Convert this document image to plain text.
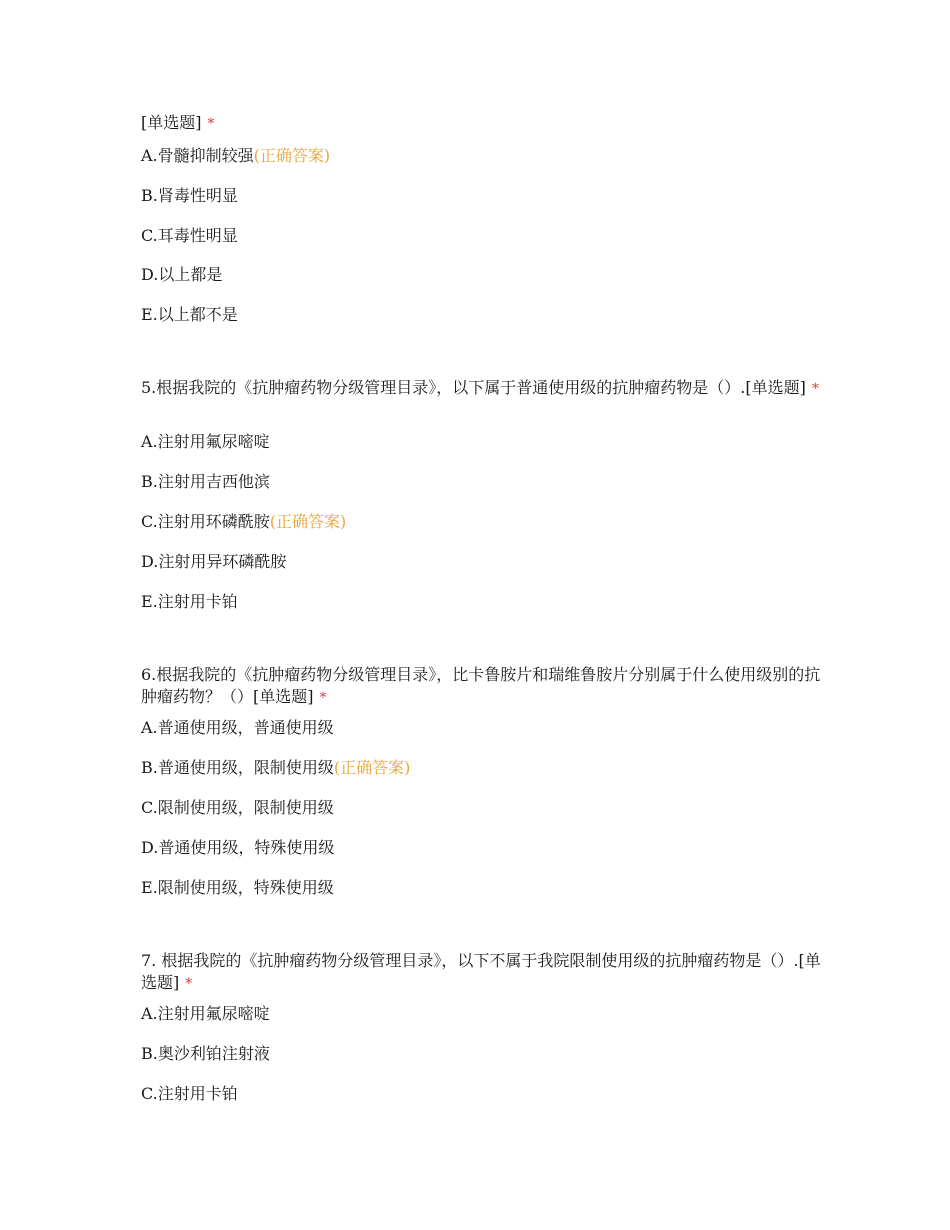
[单选题] *
A.骨髓抑制较强(正确答案)
B.肾毒性明显
C.耳毒性明显
D.以上都是
E.以上都不是
5.根据我院的《抗肿瘤药物分级管理目录》，以下属于普通使用级的抗肿瘤药物是（）.[单选题] *
A.注射用氟尿嘧啶
B.注射用吉西他滨
C.注射用环磷酰胺(正确答案)
D.注射用异环磷酰胺
E.注射用卡铂
6.根据我院的《抗肿瘤药物分级管理目录》，比卡鲁胺片和瑞维鲁胺片分别属于什么使用级别的抗肿瘤药物？（）[单选题] *
A.普通使用级，普通使用级
B.普通使用级，限制使用级(正确答案)
C.限制使用级，限制使用级
D.普通使用级，特殊使用级
E.限制使用级，特殊使用级
7. 根据我院的《抗肿瘤药物分级管理目录》，以下不属于我院限制使用级的抗肿瘤药物是（）.[单选题] *
A.注射用氟尿嘧啶
B.奥沙利铂注射液
C.注射用卡铂
